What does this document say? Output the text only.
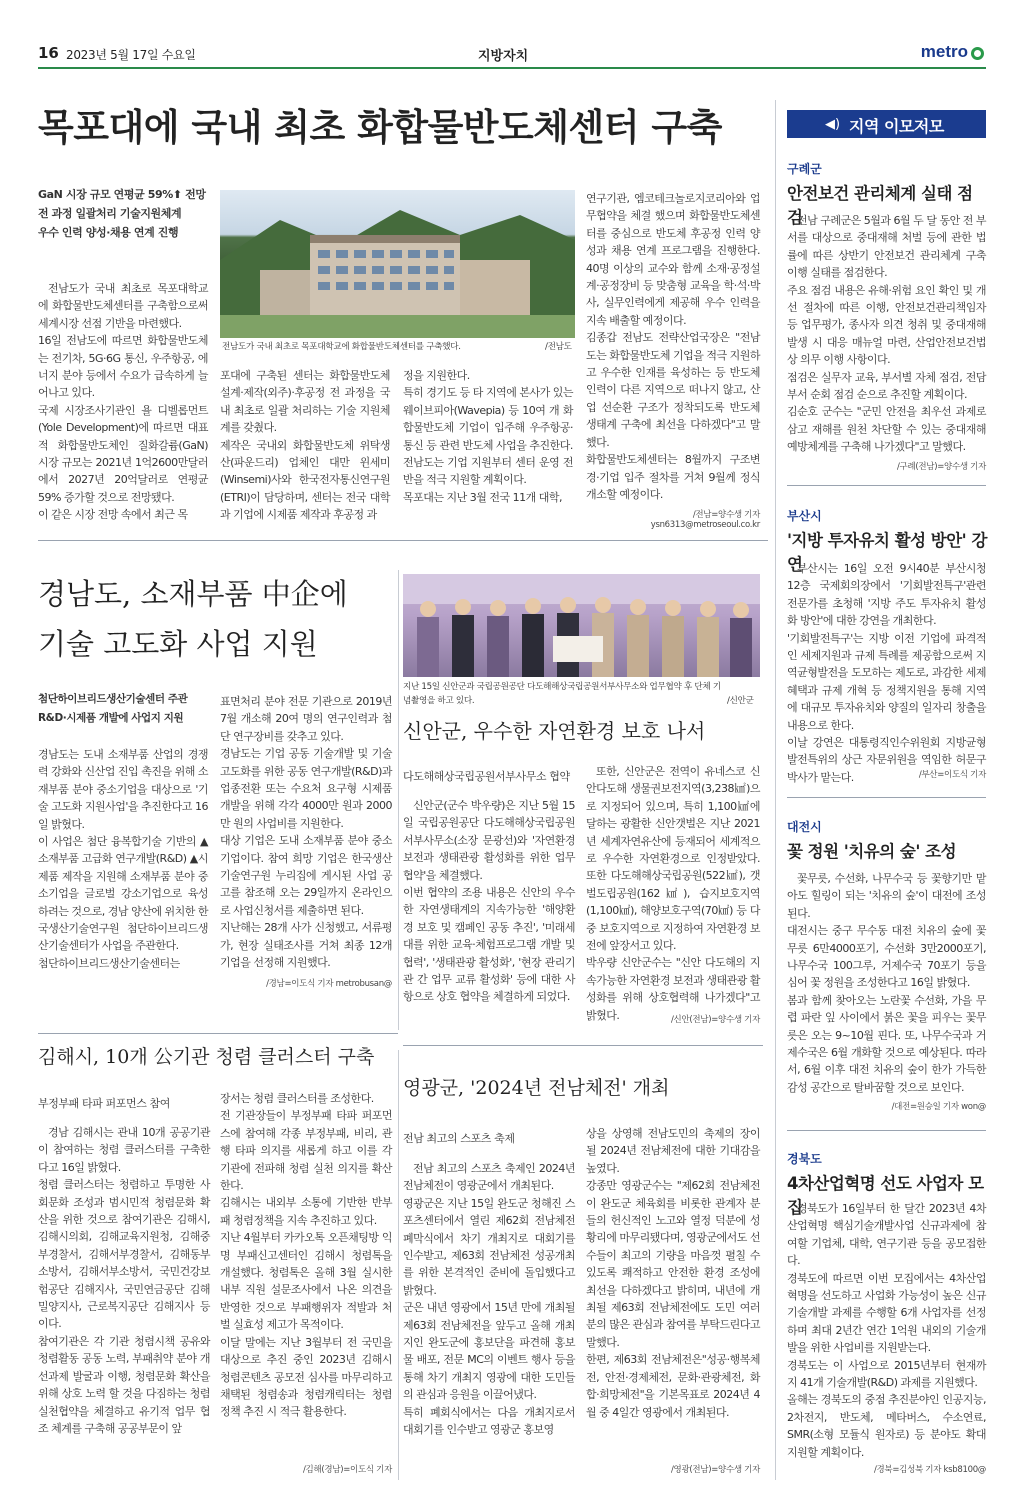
16 2023년 5월 17일 수요일	지방자치	metro
목포대에 국내 최초 화합물반도체센터 구축
GaN 시장 규모 연평균 59%⬆ 전망
전 과정 일괄처리 기술지원체계
우수 인력 양성·채용 연계 진행
전남도가 국내 최초로 목포대학교에 화합물반도체센터를 구축함으로써 세계시장 선점 기반을 마련했다.
16일 전남도에 따르면 화합물반도체는 전기차, 5G·6G 통신, 우주항공, 에너지 분야 등에서 수요가 급속하게 늘어나고 있다.
국제 시장조사기관인 욜 디벨롭먼트(Yole Development)에 따르면 대표적 화합물반도체인 질화갈륨(GaN) 시장 규모는 2021년 1억2600만달러에서 2027년 20억달러로 연평균 59% 증가할 것으로 전망됐다.
이 같은 시장 전망 속에서 최근 목
전남도가 국내 최초로 목포대학교에 화합물반도체센터를 구축했다.	/전남도
포대에 구축된 센터는 화합물반도체 설계·제작(외주)·후공정 전 과정을 국내 최초로 일괄 처리하는 기술 지원체계를 갖췄다.
제작은 국내외 화합물반도체 위탁생산(파운드리) 업체인 대만 윈세미(Winsemi)사와 한국전자통신연구원(ETRI)이 담당하며, 센터는 전국 대학과 기업에 시제품 제작과 후공정 과
정을 지원한다.
특히 경기도 등 타 지역에 본사가 있는 웨이브피아(Wavepia) 등 10여 개 화합물반도체 기업이 입주해 우주항공·통신 등 관련 반도체 사업을 추진한다.
전남도는 기업 지원부터 센터 운영 전반을 적극 지원할 계획이다.
목포대는 지난 3월 전국 11개 대학,
연구기관, 엠코테크놀로지코리아와 업무협약을 체결 했으며 화합물반도체센터를 중심으로 반도체 후공정 인력 양성과 채용 연계 프로그램을 진행한다. 40명 이상의 교수와 함께 소재·공정설계·공정장비 등 맞춤형 교육을 학·석·박사, 실무인력에게 제공해 우수 인력을 지속 배출할 예정이다.
김종갑 전남도 전략산업국장은 "전남도는 화합물반도체 기업을 적극 지원하고 우수한 인재를 육성하는 등 반도체 인력이 다른 지역으로 떠나지 않고, 산업 선순환 구조가 정착되도록 반도체 생태계 구축에 최선을 다하겠다"고 말했다.
화합물반도체센터는 8월까지 구조변경·기업 입주 절차를 거쳐 9월께 정식 개소할 예정이다.
/전남=양수생 기자 ysn6313@metroseoul.co.kr
경남도, 소재부품 中企에
기술 고도화 사업 지원
첨단하이브리드생산기술센터 주관
R&D·시제품 개발에 사업지 지원
경남도는 도내 소재부품 산업의 경쟁력 강화와 신산업 진입 촉진을 위해 소재부품 분야 중소기업을 대상으로 '기술 고도화 지원사업'을 추진한다고 16일 밝혔다.
이 사업은 첨단 융복합기술 기반의 ▲소재부품 고급화 연구개발(R&D) ▲시제품 제작을 지원해 소재부품 분야 중소기업을 글로벌 강소기업으로 육성하려는 것으로, 경남 양산에 위치한 한국생산기술연구원 첨단하이브리드생산기술센터가 사업을 주관한다.
첨단하이브리드생산기술센터는
표면처리 분야 전문 기관으로 2019년 7월 개소해 20여 명의 연구인력과 첨단 연구장비를 갖추고 있다.
경남도는 기업 공동 기술개발 및 기술 고도화를 위한 공동 연구개발(R&D)과 업종전환 또는 수요처 요구형 시제품 개발을 위해 각각 4000만 원과 2000만 원의 사업비를 지원한다.
대상 기업은 도내 소재부품 분야 중소기업이다. 참여 희망 기업은 한국생산기술연구원 누리집에 게시된 사업 공고를 참조해 오는 29일까지 온라인으로 사업신청서를 제출하면 된다.
지난해는 28개 사가 신청했고, 서류평가, 현장 실태조사를 거쳐 최종 12개 기업을 선정해 지원했다.
/경남=이도식 기자 metrobusan@
지난 15일 신안군과 국립공원공단 다도해해상국립공원서부사무소와 업무협약 후 단체 기념촬영을 하고 있다.	/신안군
신안군, 우수한 자연환경 보호 나서
다도해해상국립공원서부사무소 협약
신안군(군수 박우량)은 지난 5월 15일 국립공원공단 다도해해상국립공원서부사무소(소장 문광선)와 '자연환경 보전과 생태관광 활성화를 위한 업무협약'을 체결했다.
이번 협약의 조용 내용은 신안의 우수한 자연생태계의 지속가능한 '해양환경 보호 및 캠페인 공동 추진', '미래세대를 위한 교육·체험프로그램 개발 및 협력', '생태관광 활성화', '현장 관리기관 간 업무 교류 활성화' 등에 대한 사항으로 상호 협약을 체결하게 되었다.
또한, 신안군은 전역이 유네스코 신안다도해 생물권보전지역(3,238㎢)으로 지정되어 있으며, 특히 1,100㎢에 달하는 광활한 신안갯벌은 지난 2021년 세계자연유산에 등재되어 세계적으로 우수한 자연환경으로 인정받았다. 또한 다도해해상국립공원(522㎢), 갯벌도립공원(162㎢), 습지보호지역(1,100㎢), 해양보호구역(70㎢) 등 다중 보호지역으로 지정하여 자연환경 보전에 앞장서고 있다.
박우량 신안군수는 "신안 다도해의 지속가능한 자연환경 보전과 생태관광 활성화를 위해 상호협력해 나가겠다"고 밝혔다.	/신안(전남)=양수생 기자
김해시, 10개 公기관 청렴 클러스터 구축
부정부패 타파 퍼포먼스 참여
경남 김해시는 관내 10개 공공기관이 참여하는 청렴 클러스터를 구축한다고 16일 밝혔다.
청렴 클러스터는 청렴하고 투명한 사회문화 조성과 범시민적 청렴문화 확산을 위한 것으로 참여기관은 김해시, 김해시의회, 김해교육지원청, 김해중부경찰서, 김해서부경찰서, 김해동부소방서, 김해서부소방서, 국민건강보험공단 김해지사, 국민연금공단 김해밀양지사, 근로복지공단 김해지사 등이다.
참여기관은 각 기관 청렴시책 공유와 청렴활동 공동 노력, 부패취약 분야 개선과제 발굴과 이행, 청렴문화 확산을 위해 상호 노력 할 것을 다짐하는 청렴실천협약을 체결하고 유기적 업무 협조 체계를 구축해 공공부문이 앞
장서는 청렴 클러스터를 조성한다.
전 기관장들이 부정부패 타파 퍼포먼스에 참여해 각종 부정부패, 비리, 관행 타파 의지를 새롭게 하고 이를 각 기관에 전파해 청렴 실천 의지를 확산한다.
김해시는 내외부 소통에 기반한 반부패 청렴정책을 지속 추진하고 있다.
지난 4월부터 카카오톡 오픈채팅방 익명 부패신고센터인 김해시 청렴톡을 개설했다. 청렴톡은 올해 3월 실시한 내부 직원 설문조사에서 나온 의견을 반영한 것으로 부패행위자 적발과 처벌 실효성 제고가 목적이다.
이달 말에는 지난 3월부터 전 국민을 대상으로 추진 중인 2023년 김해시 청렴콘텐츠 공모전 심사를 마무리하고 채택된 청렴송과 청렴캐릭터는 청렴 정책 추진 시 적극 활용한다.
/김해(경남)=이도식 기자
영광군, '2024년 전남체전' 개최
전남 최고의 스포츠 축제
전남 최고의 스포츠 축제인 2024년 전남체전이 영광군에서 개최된다.
영광군은 지난 15일 완도군 청해진 스포츠센터에서 열린 제62회 전남체전 폐막식에서 차기 개최지로 대회기를 인수받고, 제63회 전남체전 성공개최를 위한 본격적인 준비에 돌입했다고 밝혔다.
군은 내년 영광에서 15년 만에 개최될 제63회 전남체전을 앞두고 올해 개최지인 완도군에 홍보단을 파견해 홍보물 배포, 전문 MC의 이벤트 행사 등을 통해 차기 개최지 영광에 대한 도민들의 관심과 응원을 이끌어냈다.
특히 폐회식에서는 다음 개최지로서 대회기를 인수받고 영광군 홍보영
상을 상영해 전남도민의 축제의 장이 될 2024년 전남체전에 대한 기대감을 높였다.
강종만 영광군수는 "제62회 전남체전이 완도군 체육회를 비롯한 관계자 분들의 헌신적인 노고와 열정 덕분에 성황리에 마무리됐다며, 영광군에서도 선수들이 최고의 기량을 마음껏 펼칠 수 있도록 쾌적하고 안전한 환경 조성에 최선을 다하겠다고 밝히며, 내년에 개최될 제63회 전남체전에도 도민 여러분의 많은 관심과 참여를 부탁드린다고 말했다.
한편, 제63회 전남체전은"성공·행복체전, 안전·경제체전, 문화·관광체전, 화합·희망체전"을 기본목표로 2024년 4월 중 4일간 영광에서 개최된다.
/영광(전남)=양수생 기자
◀) 지역 이모저모
구례군
안전보건 관리체계 실태 점검
전남 구례군은 5월과 6월 두 달 동안 전 부서를 대상으로 중대재해 처벌 등에 관한 법률에 따른 상반기 안전보건 관리체계 구축 이행 실태를 점검한다.
주요 점검 내용은 유해·위험 요인 확인 및 개선 절차에 따른 이행, 안전보건관리책임자 등 업무평가, 종사자 의견 청취 및 중대재해 발생 시 대응 매뉴얼 마련, 산업안전보건법상 의무 이행 사항이다.
점검은 실무자 교육, 부서별 자체 점검, 전담 부서 순회 점검 순으로 추진할 계획이다.
김순호 군수는 "군민 안전을 최우선 과제로 삼고 재해를 원천 차단할 수 있는 중대재해 예방체계를 구축해 나가겠다"고 말했다.
/구례(전남)=양수생 기자
부산시
'지방 투자유치 활성 방안' 강연
부산시는 16일 오전 9시40분 부산시청 12층 국제회의장에서 '기회발전특구'관련 전문가를 초청해 '지방 주도 투자유치 활성화 방안'에 대한 강연을 개최한다.
'기회발전특구'는 지방 이전 기업에 파격적인 세제지원과 규제 특례를 제공함으로써 지역균형발전을 도모하는 제도로, 과감한 세제 혜택과 규제 개혁 등 정책지원을 통해 지역에 대규모 투자유치와 양질의 일자리 창출을 내용으로 한다.
이날 강연은 대통령직인수위원회 지방균형발전특위의 상근 자문위원을 역임한 허문구 박사가 맡는다.	/부산=이도식 기자
대전시
꽃 정원 '치유의 숲' 조성
꽃무릇, 수선화, 나무수국 등 꽃향기만 맡아도 힐링이 되는 '치유의 숲'이 대전에 조성된다.
대전시는 중구 무수동 대전 치유의 숲에 꽃무릇 6만4000포기, 수선화 3만2000포기, 나무수국 100그루, 거제수국 70포기 등을 심어 꽃 정원을 조성한다고 16일 밝혔다.
봄과 함께 찾아오는 노란꽃 수선화, 가을 무렵 파란 잎 사이에서 붉은 꽃을 피우는 꽃무릇은 오는 9~10월 핀다. 또, 나무수국과 거제수국은 6월 개화할 것으로 예상된다. 따라서, 6월 이후 대전 치유의 숲이 한가 가득한 감성 공간으로 탈바꿈할 것으로 보인다.
/대전=원승일 기자 won@
경북도
4차산업혁명 선도 사업자 모집
경북도가 16일부터 한 달간 2023년 4차산업혁명 핵심기술개발사업 신규과제에 참여할 기업체, 대학, 연구기관 등을 공모접한다.
경북도에 따르면 이번 모집에서는 4차산업혁명을 선도하고 사업화 가능성이 높은 신규 기술개발 과제를 수행할 6개 사업자를 선정하며 최대 2년간 연간 1억원 내외의 기술개발을 위한 사업비를 지원받는다.
경북도는 이 사업으로 2015년부터 현재까지 41개 기술개발(R&D) 과제를 지원했다.
올해는 경북도의 중점 추진분야인 인공지능, 2차전지, 반도체, 메타버스, 수소연료, SMR(소형 모듈식 원자로) 등 분야도 확대 지원할 계획이다.
/경북=김성북 기자 ksb8100@
